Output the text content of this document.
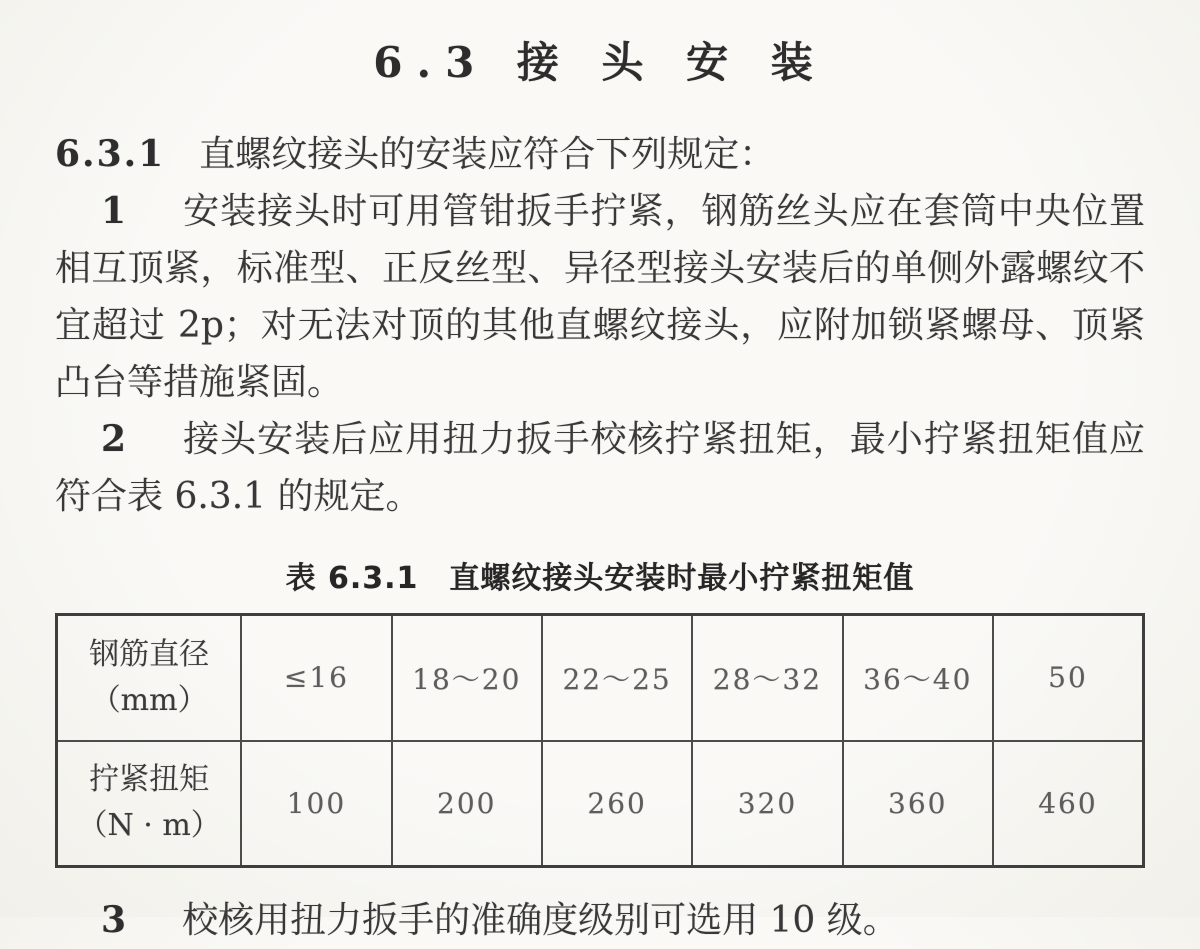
6.3 接 头 安 装

6.3.1 直螺纹接头的安装应符合下列规定：

1 安装接头时可用管钳扳手拧紧，钢筋丝头应在套筒中央位置相互顶紧，标准型、正反丝型、异径型接头安装后的单侧外露螺纹不宜超过 2p；对无法对顶的其他直螺纹接头，应附加锁紧螺母、顶紧凸台等措施紧固。

2 接头安装后应用扭力扳手校核拧紧扭矩，最小拧紧扭矩值应符合表 6.3.1 的规定。

表 6.3.1　直螺纹接头安装时最小拧紧扭矩值

钢筋直径
（mm）	≤16	18～20	22～25	28～32	36～40	50

拧紧扭矩
（N · m）	100	200	260	320	360	460

3 校核用扭力扳手的准确度级别可选用 10 级。
